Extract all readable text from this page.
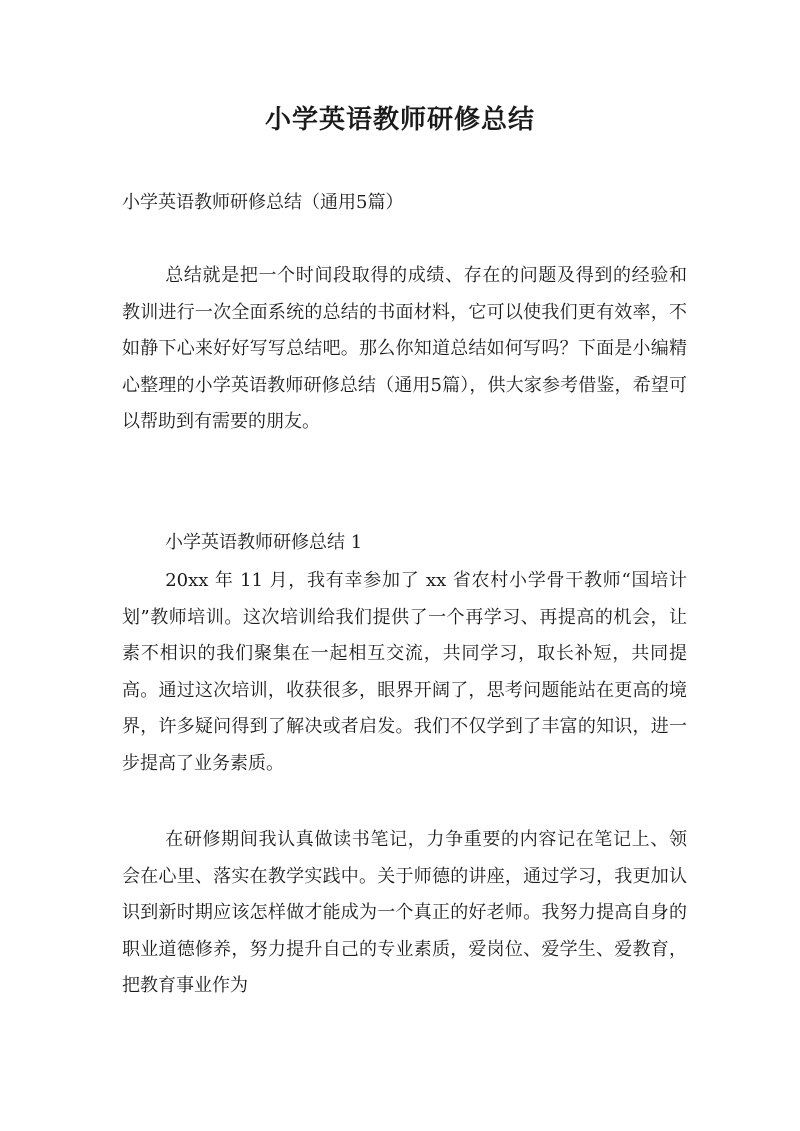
小学英语教师研修总结
小学英语教师研修总结（通用5篇）

总结就是把一个时间段取得的成绩、存在的问题及得到的经验和教训进行一次全面系统的总结的书面材料，它可以使我们更有效率，不如静下心来好好写写总结吧。那么你知道总结如何写吗？下面是小编精心整理的小学英语教师研修总结（通用5篇），供大家参考借鉴，希望可以帮助到有需要的朋友。

小学英语教师研修总结 1

20xx 年 11 月，我有幸参加了 xx 省农村小学骨干教师“国培计划”教师培训。这次培训给我们提供了一个再学习、再提高的机会，让素不相识的我们聚集在一起相互交流，共同学习，取长补短，共同提高。通过这次培训，收获很多，眼界开阔了，思考问题能站在更高的境界，许多疑问得到了解决或者启发。我们不仅学到了丰富的知识，进一步提高了业务素质。

在研修期间我认真做读书笔记，力争重要的内容记在笔记上、领会在心里、落实在教学实践中。关于师德的讲座，通过学习，我更加认识到新时期应该怎样做才能成为一个真正的好老师。我努力提高自身的职业道德修养，努力提升自己的专业素质，爱岗位、爱学生、爱教育，把教育事业作为
